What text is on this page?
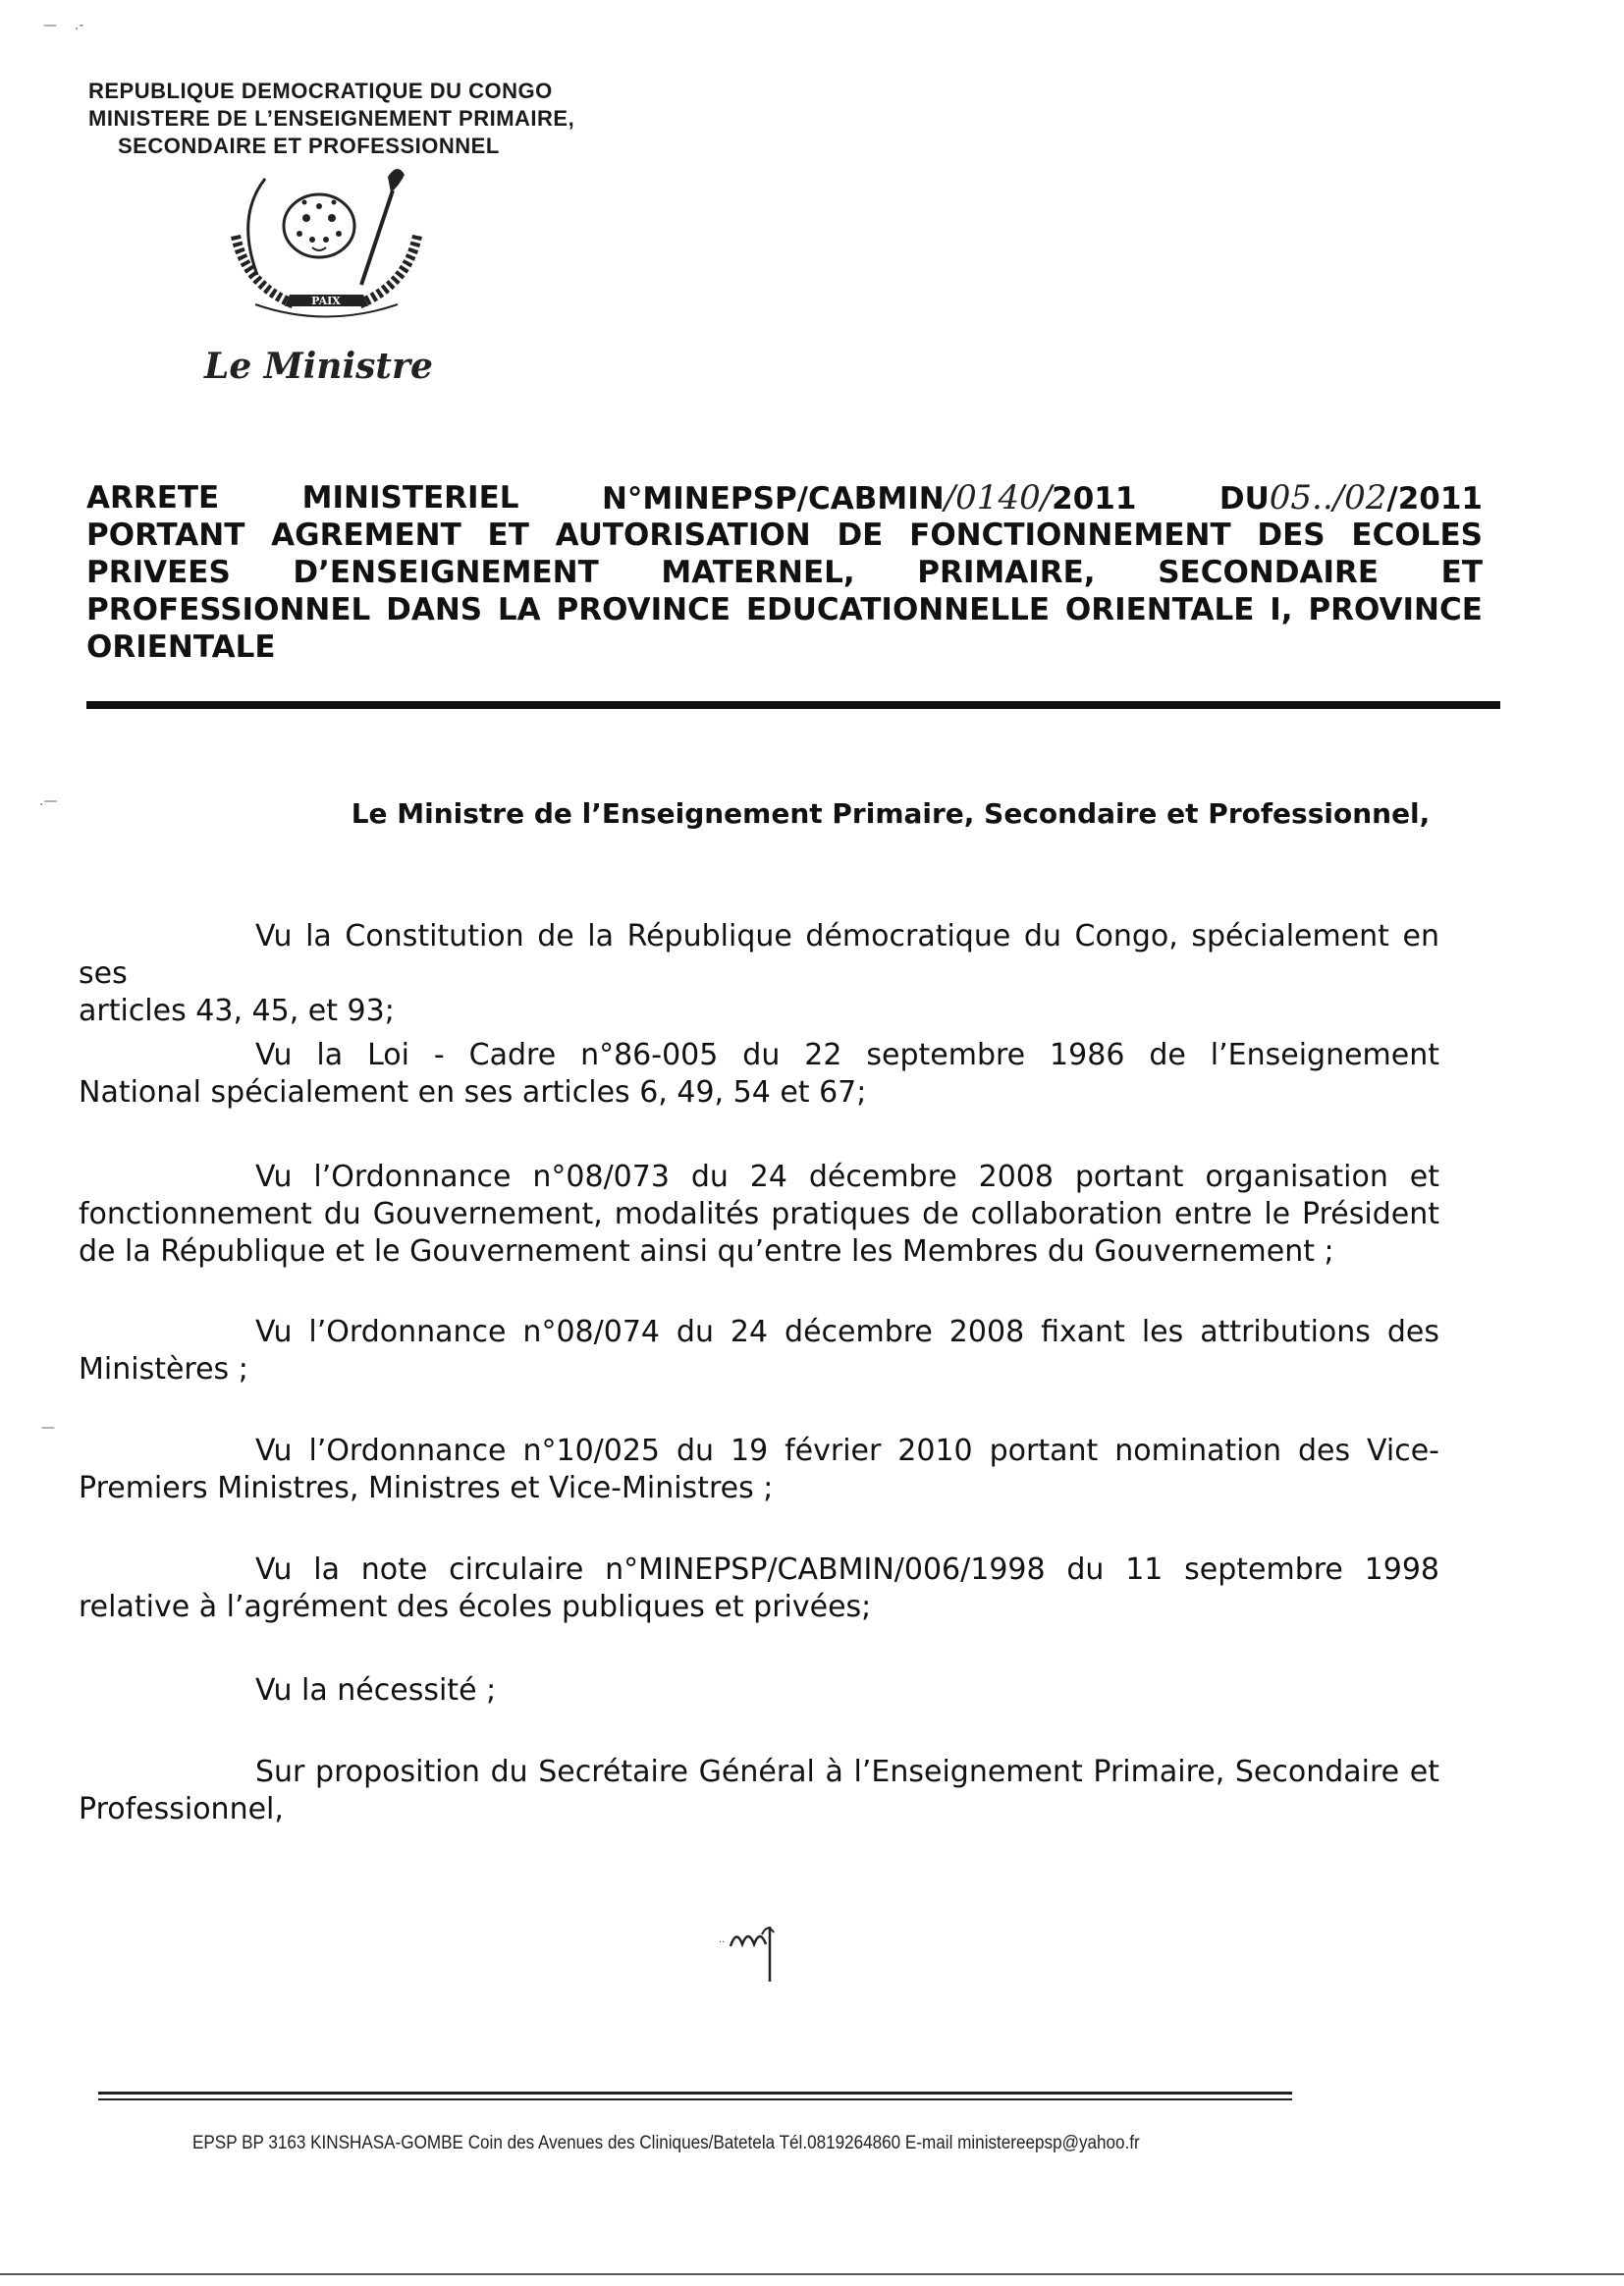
—    .-
.—
—
REPUBLIQUE DEMOCRATIQUE DU CONGO
MINISTERE DE L’ENSEIGNEMENT PRIMAIRE,
SECONDAIRE ET PROFESSIONNEL
PAIX
Le Ministre
ARRETE	MINISTERIEL	N°MINEPSP/CABMIN/0140/2011	DU05../02/2011
PORTANT AGREMENT ET AUTORISATION DE FONCTIONNEMENT DES ECOLES
PRIVEES D’ENSEIGNEMENT MATERNEL, PRIMAIRE, SECONDAIRE ET
PROFESSIONNEL DANS LA PROVINCE EDUCATIONNELLE ORIENTALE I, PROVINCE
ORIENTALE
Le Ministre de l’Enseignement Primaire, Secondaire et Professionnel,
Vu la Constitution de la République démocratique du Congo, spécialement en ses
articles 43, 45, et 93;
Vu la Loi - Cadre n°86-005 du 22 septembre 1986 de l’Enseignement
National spécialement en ses articles 6, 49, 54 et 67;
Vu l’Ordonnance n°08/073 du 24 décembre 2008 portant organisation et
fonctionnement du Gouvernement, modalités pratiques de collaboration entre le Président
de la République et le Gouvernement ainsi qu’entre les Membres du Gouvernement ;
Vu l’Ordonnance n°08/074 du 24 décembre 2008 fixant les attributions des
Ministères ;
Vu l’Ordonnance n°10/025 du 19 février 2010 portant nomination des Vice-
Premiers Ministres, Ministres et Vice-Ministres ;
Vu la note circulaire n°MINEPSP/CABMIN/006/1998 du 11 septembre 1998
relative à l’agrément des écoles publiques et privées;
Vu la nécessité ;
Sur proposition du Secrétaire Général à l’Enseignement Primaire, Secondaire et
Professionnel,
..
EPSP BP 3163 KINSHASA-GOMBE Coin des Avenues des Cliniques/Batetela Tél.0819264860 E-mail ministereepsp@yahoo.fr
